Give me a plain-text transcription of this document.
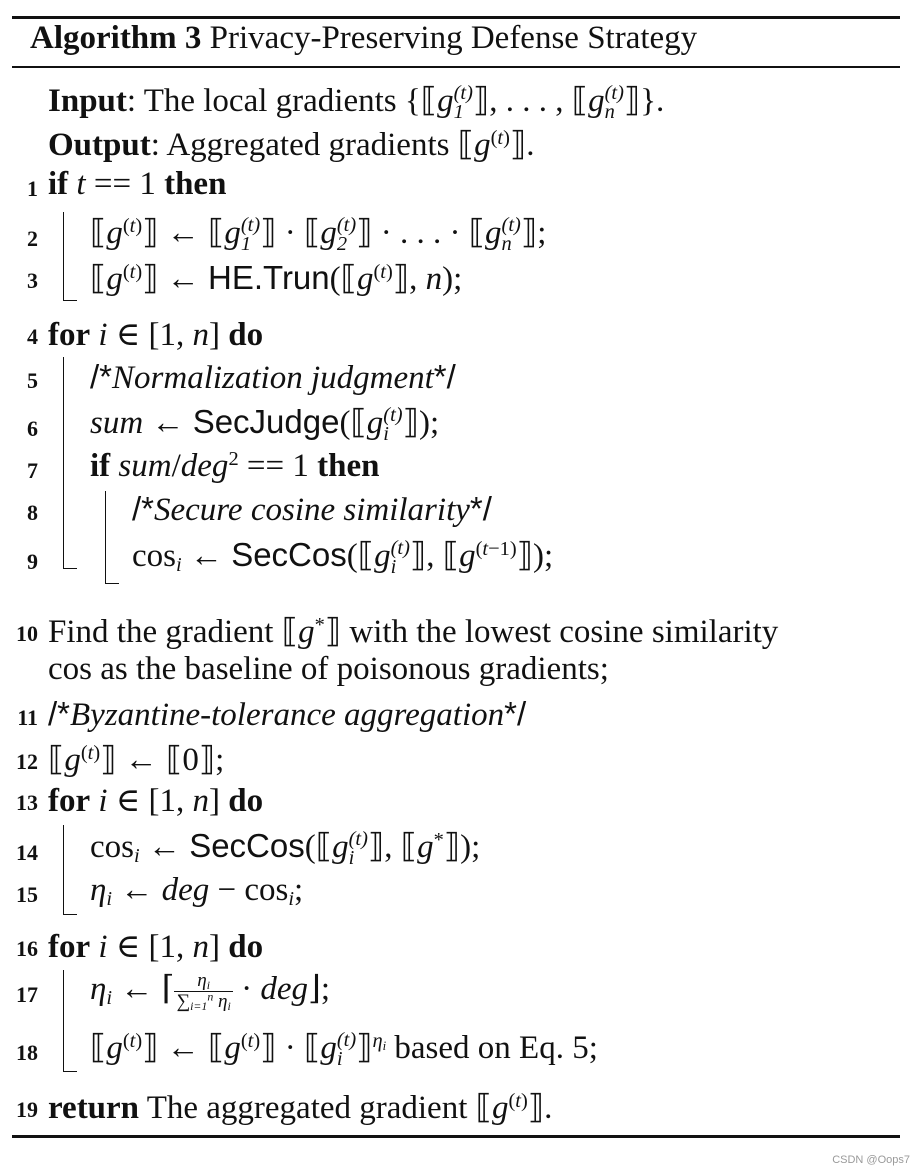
Algorithm 3 Privacy-Preserving Defense Strategy
Input: The local gradients {⟦g (t)
1 ⟧, . . . , ⟦g (t)
n ⟧}.
Output: Aggregated gradients $⟦g^{(t)}⟧$.
1
2
3
4
5
6
7
8
9
10
11
12
13
14
15
16
17
18
19
if t == 1 then
$⟦g^{(t)}⟧$ ← ⟦g (t)
1 ⟧ · ⟦g (t)
2 ⟧ · . . . · ⟦g (t)
n ⟧;
$⟦g^{(t)}⟧$ ← $HE.Trun(⟦g^{(t)}⟧$, n);
for i ∈ [1, n] do
/*Normalization judgment*/
sum ← SecJudge(⟦g (t)
i ⟧);
if sum/deg$^2$ == 1 then
/*Secure cosine similarity*/
$\cos_i$ ← SecCos(⟦g (t)
i ⟧, $⟦g^{(t-1)}⟧$);
Find the gradient ⟦g*⟧ with the lowest cosine similarity
cos as the baseline of poisonous gradients;
/*Byzantine-tolerance aggregation*/
$⟦g^{(t)}⟧$ ← ⟦0⟧;
for i ∈ [1, n] do
$\cos_i$ ← SecCos(⟦g (t)
i ⟧, ⟦g*⟧);
$\eta_i$ ← deg − $\cos_i$;
for i ∈ [1, n] do
$\eta_i$ ← ⌈ $\frac{\eta_i}{\sum_{i=1}^n \eta_i}$ · deg⌋;
$⟦g^{(t)}⟧$ ← $⟦g^{(t)}⟧$ · ⟦g (t)
i ⟧$^{\eta_i}$ based on Eq. 5;
return The aggregated gradient $⟦g^{(t)}⟧$.
CSDN @Oops7
